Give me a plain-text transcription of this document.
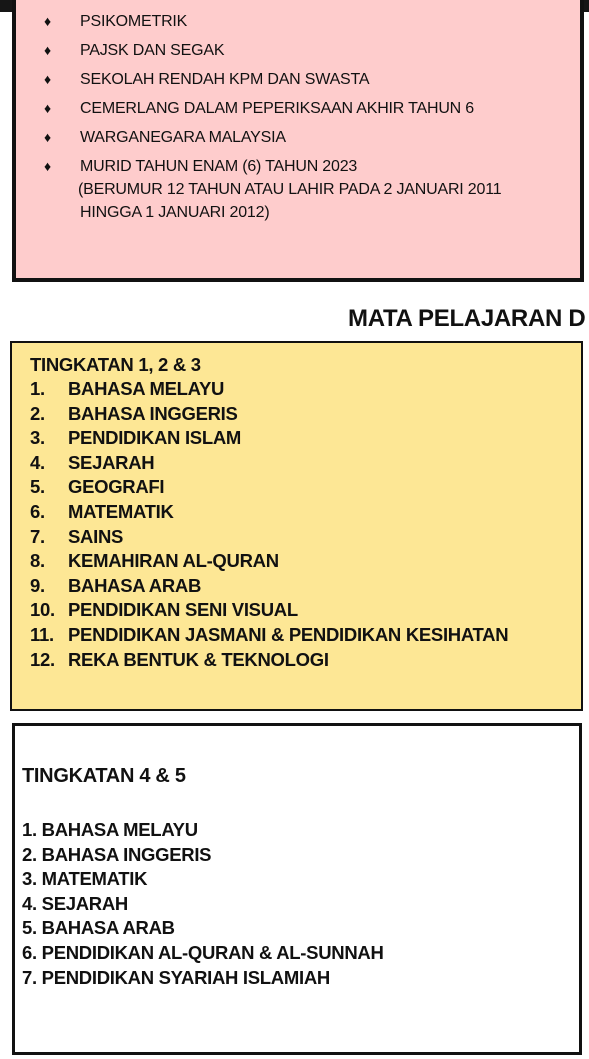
♦ PSIKOMETRIK
♦ PAJSK DAN SEGAK
♦ SEKOLAH RENDAH KPM DAN SWASTA
♦ CEMERLANG DALAM PEPERIKSAAN AKHIR TAHUN 6
♦ WARGANEGARA MALAYSIA
♦ MURID TAHUN ENAM (6) TAHUN 2023
(BERUMUR 12 TAHUN ATAU LAHIR PADA 2 JANUARI 2011
HINGGA 1 JANUARI 2012)
MATA PELAJARAN D
TINGKATAN 1, 2 & 3
1. BAHASA MELAYU
2. BAHASA INGGERIS
3. PENDIDIKAN ISLAM
4. SEJARAH
5. GEOGRAFI
6. MATEMATIK
7. SAINS
8. KEMAHIRAN AL-QURAN
9. BAHASA ARAB
10. PENDIDIKAN SENI VISUAL
11. PENDIDIKAN JASMANI & PENDIDIKAN KESIHATAN
12. REKA BENTUK & TEKNOLOGI
TINGKATAN 4 & 5
1. BAHASA MELAYU
2. BAHASA INGGERIS
3. MATEMATIK
4. SEJARAH
5. BAHASA ARAB
6. PENDIDIKAN AL-QURAN & AL-SUNNAH
7. PENDIDIKAN SYARIAH ISLAMIAH
